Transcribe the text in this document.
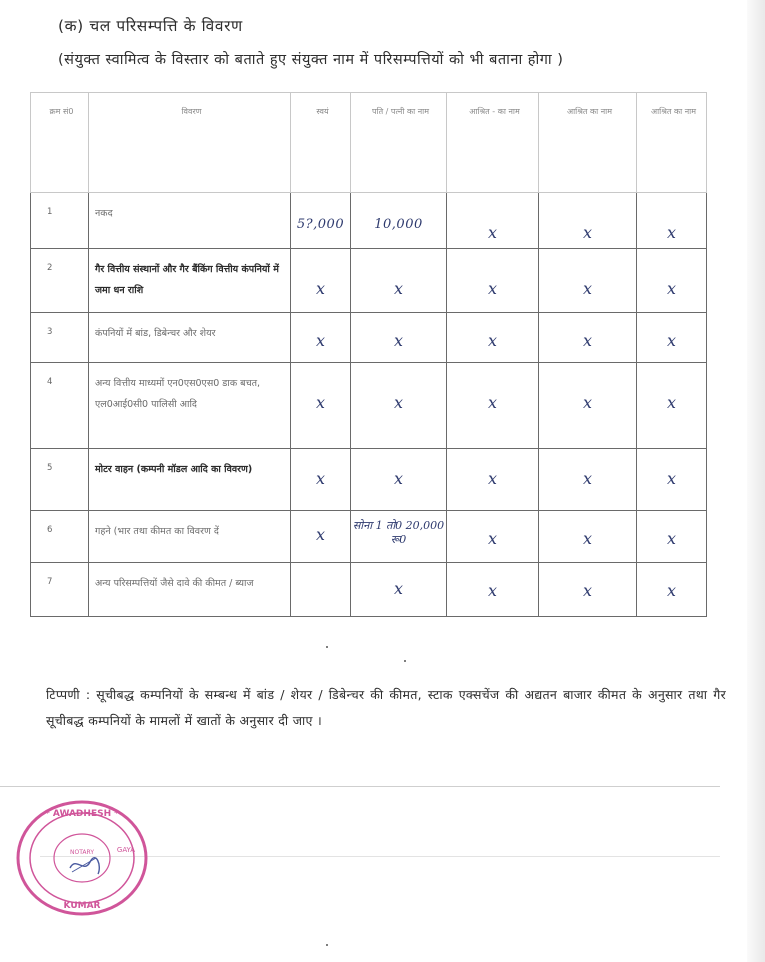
(क) चल परिसम्पत्ति के विवरण
(संयुक्त स्वामित्व के विस्तार को बताते हुए संयुक्त नाम में परिसम्पत्तियों को भी बताना होगा )
क्रम सं0	विवरण	स्वयं	पति / पत्नी का नाम	आश्रित - का नाम	आश्रित का नाम	आश्रित का नाम

1	नकद	5?,000	10,000	x	x	x

2	गैर वित्तीय संस्थानों और गैर बैंकिंग वित्तीय कंपनियों में जमा धन राशि	x	x	x	x	x

3	कंपनियों में बांड, डिबेन्चर और शेयर	x	x	x	x	x

4	अन्य वित्तीय माध्यमों एन0एस0एस0 डाक बचत, एल0आई0सी0 पालिसी आदि	x	x	x	x	x

5	मोटर वाहन (कम्पनी मॉडल आदि का विवरण)	x	x	x	x	x

6	गहने (भार तथा कीमत का विवरण दें	x	सोना 1 तो0 20,000 रू0	x	x	x

7	अन्य परिसम्पत्तियों जैसे दावे की कीमत / ब्याज		x	x	x	x
टिप्पणी : सूचीबद्ध कम्पनियों के सम्बन्ध में बांड / शेयर / डिबेन्चर की कीमत, स्टाक एक्सचेंज की अद्यतन बाजार कीमत के अनुसार तथा गैर सूचीबद्ध कम्पनियों के मामलों में खातों के अनुसार दी जाए ।
* AWADHESH *
KUMAR
GAYA
NOTARY
